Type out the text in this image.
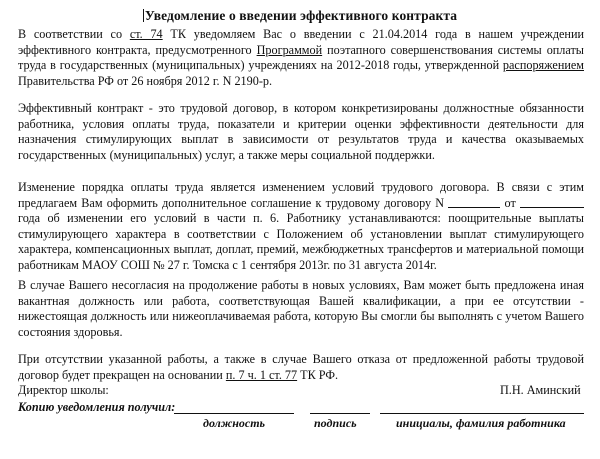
Уведомление о введении эффективного контракта
В соответствии со ст. 74 ТК уведомляем Вас о введении с 21.04.2014 года в нашем учреждении эффективного контракта, предусмотренного Программой поэтапного совершенствования системы оплаты труда в государственных (муниципальных) учреждениях на 2012-2018 годы, утвержденной распоряжением Правительства РФ от 26 ноября 2012 г. N 2190-р.
Эффективный контракт - это трудовой договор, в котором конкретизированы должностные обязанности работника, условия оплаты труда, показатели и критерии оценки эффективности деятельности для назначения стимулирующих выплат в зависимости от результатов труда и качества оказываемых государственных (муниципальных) услуг, а также меры социальной поддержки.
Изменение порядка оплаты труда является изменением условий трудового договора. В связи с этим предлагаем Вам оформить дополнительное соглашение к трудовому договору N	от  года об изменении его условий в части п. 6. Работнику устанавливаются: поощрительные выплаты стимулирующего характера в соответствии с Положением об установлении выплат стимулирующего характера, компенсационных выплат, доплат, премий, межбюджетных трансфертов и материальной помощи работникам МАОУ СОШ № 27 г. Томска с 1 сентября 2013г. по 31 августа 2014г.
В случае Вашего несогласия на продолжение работы в новых условиях, Вам может быть предложена иная вакантная должность или работа, соответствующая Вашей квалификации, а при ее отсутствии - нижестоящая должность или нижеоплачиваемая работа, которую Вы смогли бы выполнять с учетом Вашего состояния здоровья.
При отсутствии указанной работы, а также в случае Вашего отказа от предложенной работы трудовой договор будет прекращен на основании п. 7 ч. 1 ст. 77 ТК РФ.
Директор школы:	П.Н. Аминский
Копию уведомления получил:
должность	подпись	инициалы, фамилия работника
